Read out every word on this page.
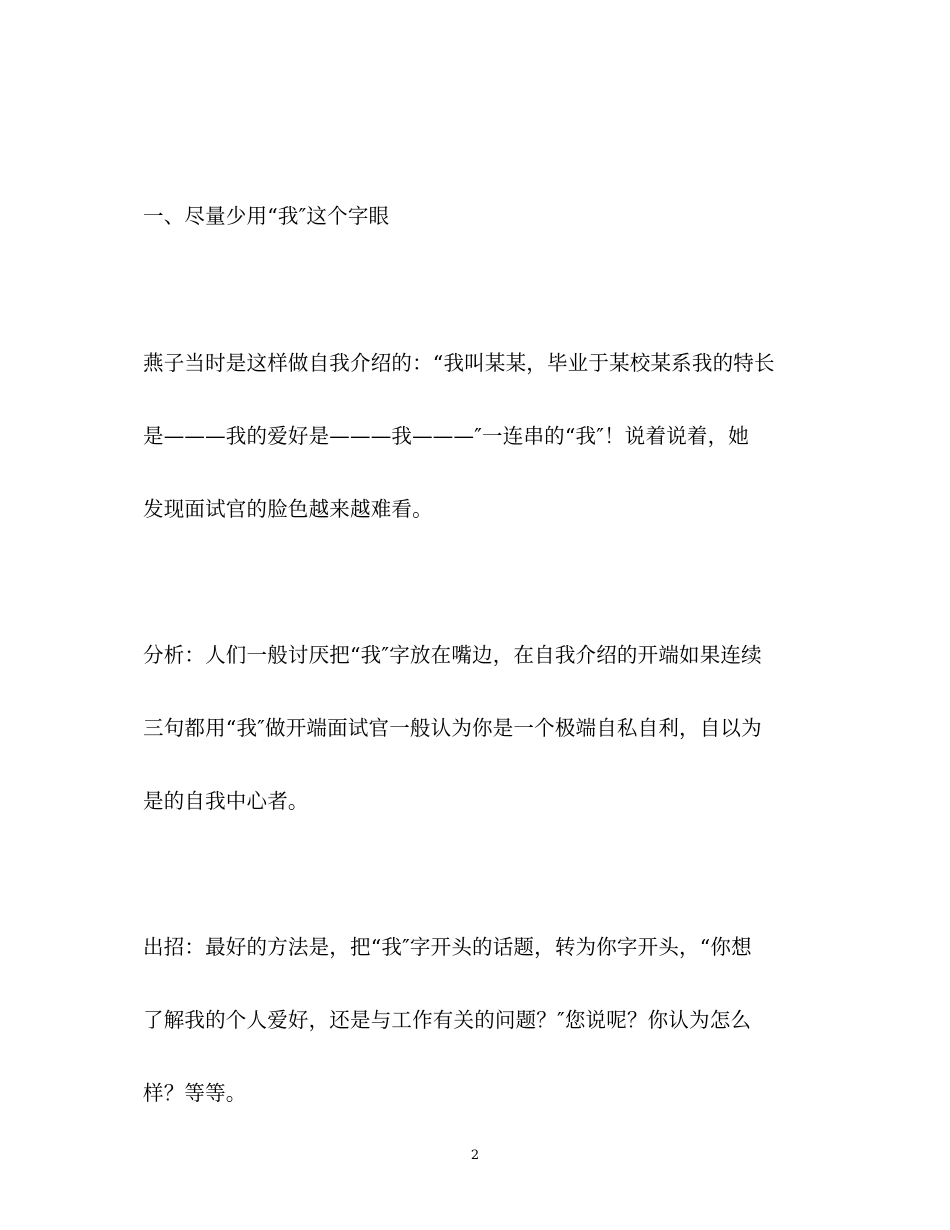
一、尽量少用“我″这个字眼
燕子当时是这样做自我介绍的：“我叫某某，毕业于某校某系我的特长
是———我的爱好是———我———″一连串的“我″！说着说着，她
发现面试官的脸色越来越难看。
分析：人们一般讨厌把“我″字放在嘴边，在自我介绍的开端如果连续
三句都用“我″做开端面试官一般认为你是一个极端自私自利，自以为
是的自我中心者。
出招：最好的方法是，把“我″字开头的话题，转为你字开头，“你想
了解我的个人爱好，还是与工作有关的问题？″您说呢？你认为怎么
样？等等。
2
